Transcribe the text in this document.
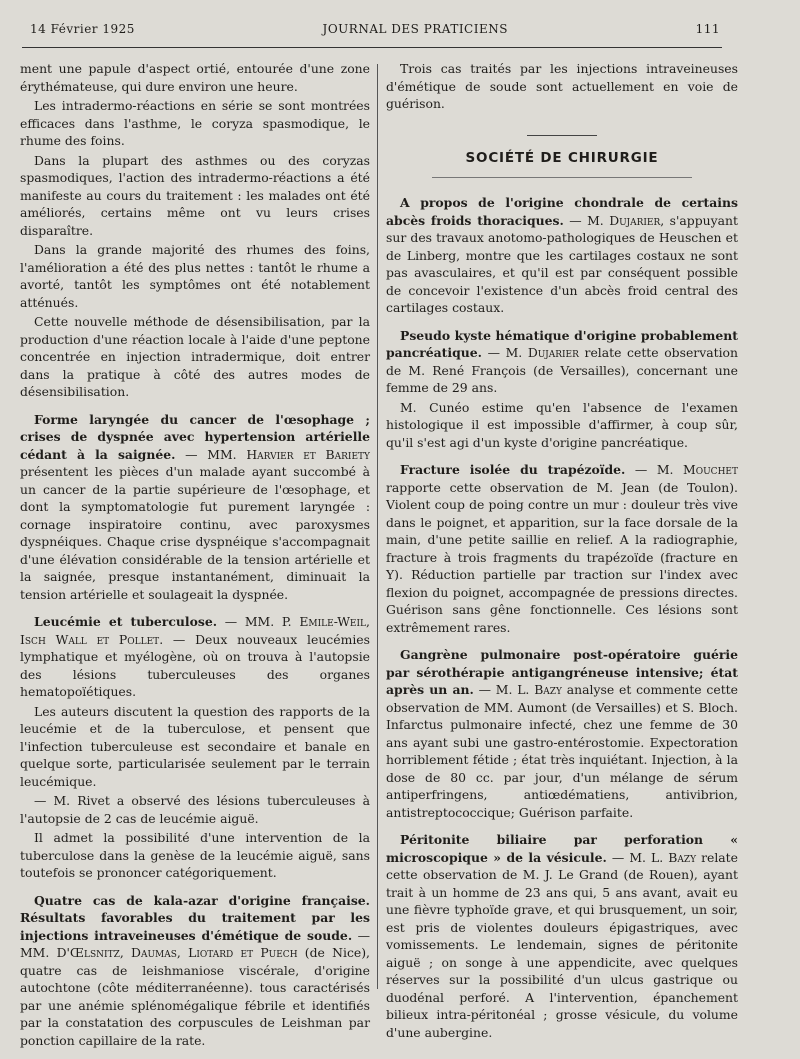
14 Février 1925	JOURNAL DES PRATICIENS	111

ment une papule d'aspect ortié, entourée d'une zone érythémateuse, qui dure environ une heure.

Les intradermo-réactions en série se sont montrées efficaces dans l'asthme, le coryza spasmodique, le rhume des foins.

Dans la plupart des asthmes ou des coryzas spasmodiques, l'action des intradermo-réactions a été manifeste au cours du traitement : les malades ont été améliorés, certains même ont vu leurs crises disparaître.

Dans la grande majorité des rhumes des foins, l'amélioration a été des plus nettes : tantôt le rhume a avorté, tantôt les symptômes ont été notablement atténués.

Cette nouvelle méthode de désensibilisation, par la production d'une réaction locale à l'aide d'une peptone concentrée en injection intradermique, doit entrer dans la pratique à côté des autres modes de désensibilisation.

Forme laryngée du cancer de l'œsophage ; crises de dyspnée avec hypertension artérielle cédant à la saignée. — MM. Harvier et Bariety présentent les pièces d'un malade ayant succombé à un cancer de la partie supérieure de l'œsophage, et dont la symptomatologie fut purement laryngée : cornage inspiratoire continu, avec paroxysmes dyspnéiques. Chaque crise dyspnéique s'accompagnait d'une élévation considérable de la tension artérielle et la saignée, presque instantanément, diminuait la tension artérielle et soulageait la dyspnée.

Leucémie et tuberculose. — MM. P. Emile-Weil, Isch Wall et Pollet. — Deux nouveaux leucémies lymphatique et myélogène, où on trouva à l'autopsie des lésions tuberculeuses des organes hematopoïétiques.

Les auteurs discutent la question des rapports de la leucémie et de la tuberculose, et pensent que l'infection tuberculeuse est secondaire et banale en quelque sorte, particularisée seulement par le terrain leucémique.

— M. Rivet a observé des lésions tuberculeuses à l'autopsie de 2 cas de leucémie aiguë.

Il admet la possibilité d'une intervention de la tuberculose dans la genèse de la leucémie aiguë, sans toutefois se prononcer catégoriquement.

Quatre cas de kala-azar d'origine française. Résultats favorables du traitement par les injections intraveineuses d'émétique de soude. — MM. D'Œlsnitz, Daumas, Liotard et Puech (de Nice), quatre cas de leishmaniose viscérale, d'origine autochtone (côte méditerranéenne). tous caractérisés par une anémie splénomégalique fébrile et identifiés par la constatation des corpuscules de Leishman par ponction capillaire de la rate.

Trois cas traités par les injections intraveineuses d'émétique de soude sont actuellement en voie de guérison.

SOCIÉTÉ DE CHIRURGIE

A propos de l'origine chondrale de certains abcès froids thoraciques. — M. Dujarier, s'appuyant sur des travaux anotomo-pathologiques de Heuschen et de Linberg, montre que les cartilages costaux ne sont pas avasculaires, et qu'il est par conséquent possible de concevoir l'existence d'un abcès froid central des cartilages costaux.

Pseudo kyste hématique d'origine probablement pancréatique. — M. Dujarier relate cette observation de M. René François (de Versailles), concernant une femme de 29 ans.

M. Cunéo estime qu'en l'absence de l'examen histologique il est impossible d'affirmer, à coup sûr, qu'il s'est agi d'un kyste d'origine pancréatique.

Fracture isolée du trapézoïde. — M. Mouchet rapporte cette observation de M. Jean (de Toulon). Violent coup de poing contre un mur : douleur très vive dans le poignet, et apparition, sur la face dorsale de la main, d'une petite saillie en relief. A la radiographie, fracture à trois fragments du trapézoïde (fracture en Y). Réduction partielle par traction sur l'index avec flexion du poignet, accompagnée de pressions directes. Guérison sans gêne fonctionnelle. Ces lésions sont extrêmement rares.

Gangrène pulmonaire post-opératoire guérie par sérothérapie antigangréneuse intensive; état après un an. — M. L. Bazy analyse et commente cette observation de MM. Aumont (de Versailles) et S. Bloch. Infarctus pulmonaire infecté, chez une femme de 30 ans ayant subi une gastro-entérostomie. Expectoration horriblement fétide ; état très inquiétant. Injection, à la dose de 80 cc. par jour, d'un mélange de sérum antiperfringens, antiœdématiens, antivibrion, antistreptococcique; Guérison parfaite.

Péritonite biliaire par perforation « microscopique » de la vésicule. — M. L. Bazy relate cette observation de M. J. Le Grand (de Rouen), ayant trait à un homme de 23 ans qui, 5 ans avant, avait eu une fièvre typhoïde grave, et qui brusquement, un soir, est pris de violentes douleurs épigastriques, avec vomissements. Le lendemain, signes de péritonite aiguë ; on songe à une appendicite, avec quelques réserves sur la possibilité d'un ulcus gastrique ou duodénal perforé. A l'intervention, épanchement bilieux intra-péritonéal ; grosse vésicule, du volume d'une aubergine.
